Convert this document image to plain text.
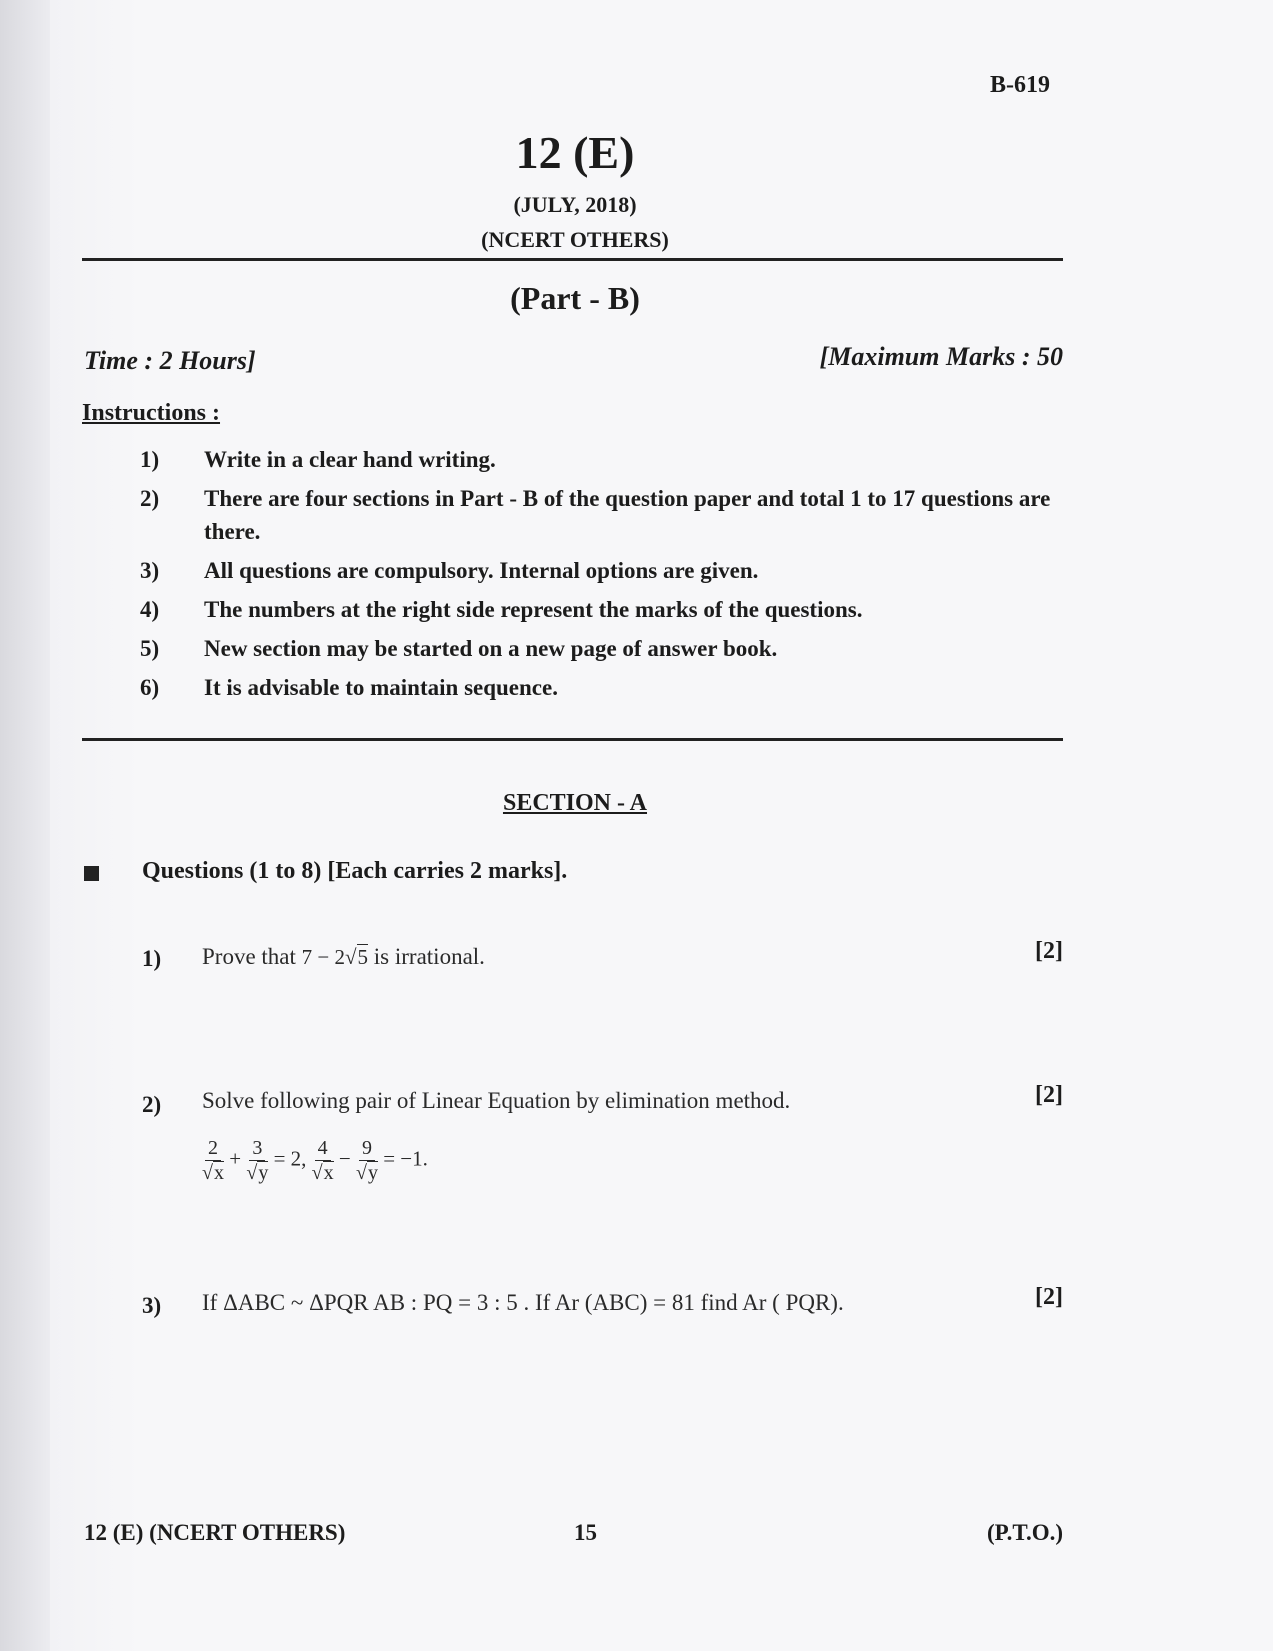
B-619
12 (E)
(JULY, 2018)
(NCERT OTHERS)
(Part - B)
Time : 2 Hours]	[Maximum Marks : 50
Instructions :
1)	Write in a clear hand writing.
2)	There are four sections in Part - B of the question paper and total 1 to 17 questions are there.
3)	All questions are compulsory. Internal options are given.
4)	The numbers at the right side represent the marks of the questions.
5)	New section may be started on a new page of answer book.
6)	It is advisable to maintain sequence.
SECTION - A
Questions (1 to 8) [Each carries 2 marks].
1) Prove that 7 − 2√5 is irrational.	[2]
2) Solve following pair of Linear Equation by elimination method.	[2]
$\frac{2}{√x} + \frac{3}{√y} = 2$, $\frac{4}{√x} - \frac{9}{√y} = -1$.
3) If ΔABC ~ ΔPQR AB : PQ = 3 : 5 . If Ar (ABC) = 81 find Ar ( PQR).	[2]
12 (E) (NCERT OTHERS)	15	(P.T.O.)
